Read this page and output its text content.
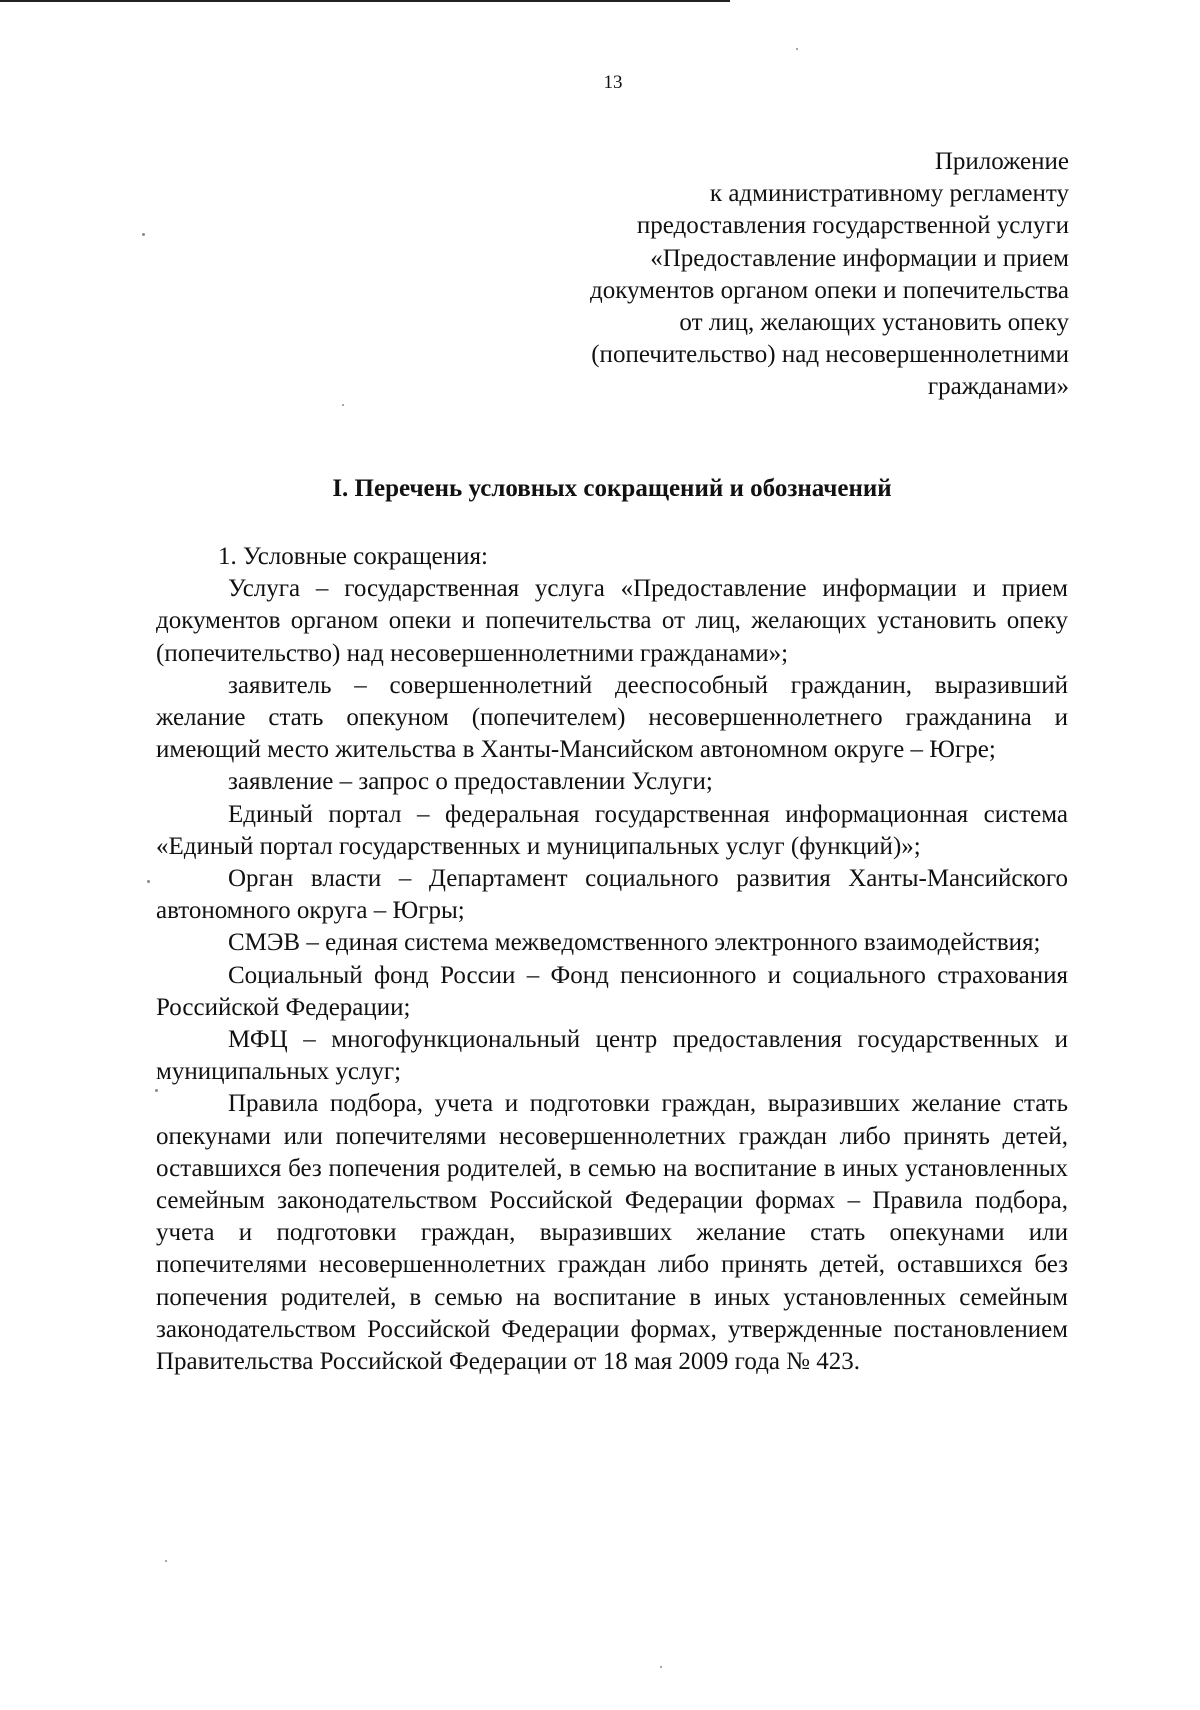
13
Приложение
к административному регламенту
предоставления государственной услуги
«Предоставление информации и прием
документов органом опеки и попечительства
от лиц, желающих установить опеку
(попечительство) над несовершеннолетними
гражданами»
I. Перечень условных сокращений и обозначений

1. Условные сокращения:

Услуга – государственная услуга «Предоставление информации и прием документов органом опеки и попечительства от лиц, желающих установить опеку (попечительство) над несовершеннолетними гражданами»;

заявитель – совершеннолетний дееспособный гражданин, выразивший желание стать опекуном (попечителем) несовершеннолетнего гражданина и имеющий место жительства в Ханты-Мансийском автономном округе – Югре;

заявление – запрос о предоставлении Услуги;

Единый портал – федеральная государственная информационная система «Единый портал государственных и муниципальных услуг (функций)»;

Орган власти – Департамент социального развития Ханты-Мансийского автономного округа – Югры;

СМЭВ – единая система межведомственного электронного взаимодействия;

Социальный фонд России – Фонд пенсионного и социального страхования Российской Федерации;

МФЦ – многофункциональный центр предоставления государственных и муниципальных услуг;

Правила подбора, учета и подготовки граждан, выразивших желание стать опекунами или попечителями несовершеннолетних граждан либо принять детей, оставшихся без попечения родителей, в семью на воспитание в иных установленных семейным законодательством Российской Федерации формах – Правила подбора, учета и подготовки граждан, выразивших желание стать опекунами или попечителями несовершеннолетних граждан либо принять детей, оставшихся без попечения родителей, в семью на воспитание в иных установленных семейным законодательством Российской Федерации формах, утвержденные постановлением Правительства Российской Федерации от 18 мая 2009 года № 423.
